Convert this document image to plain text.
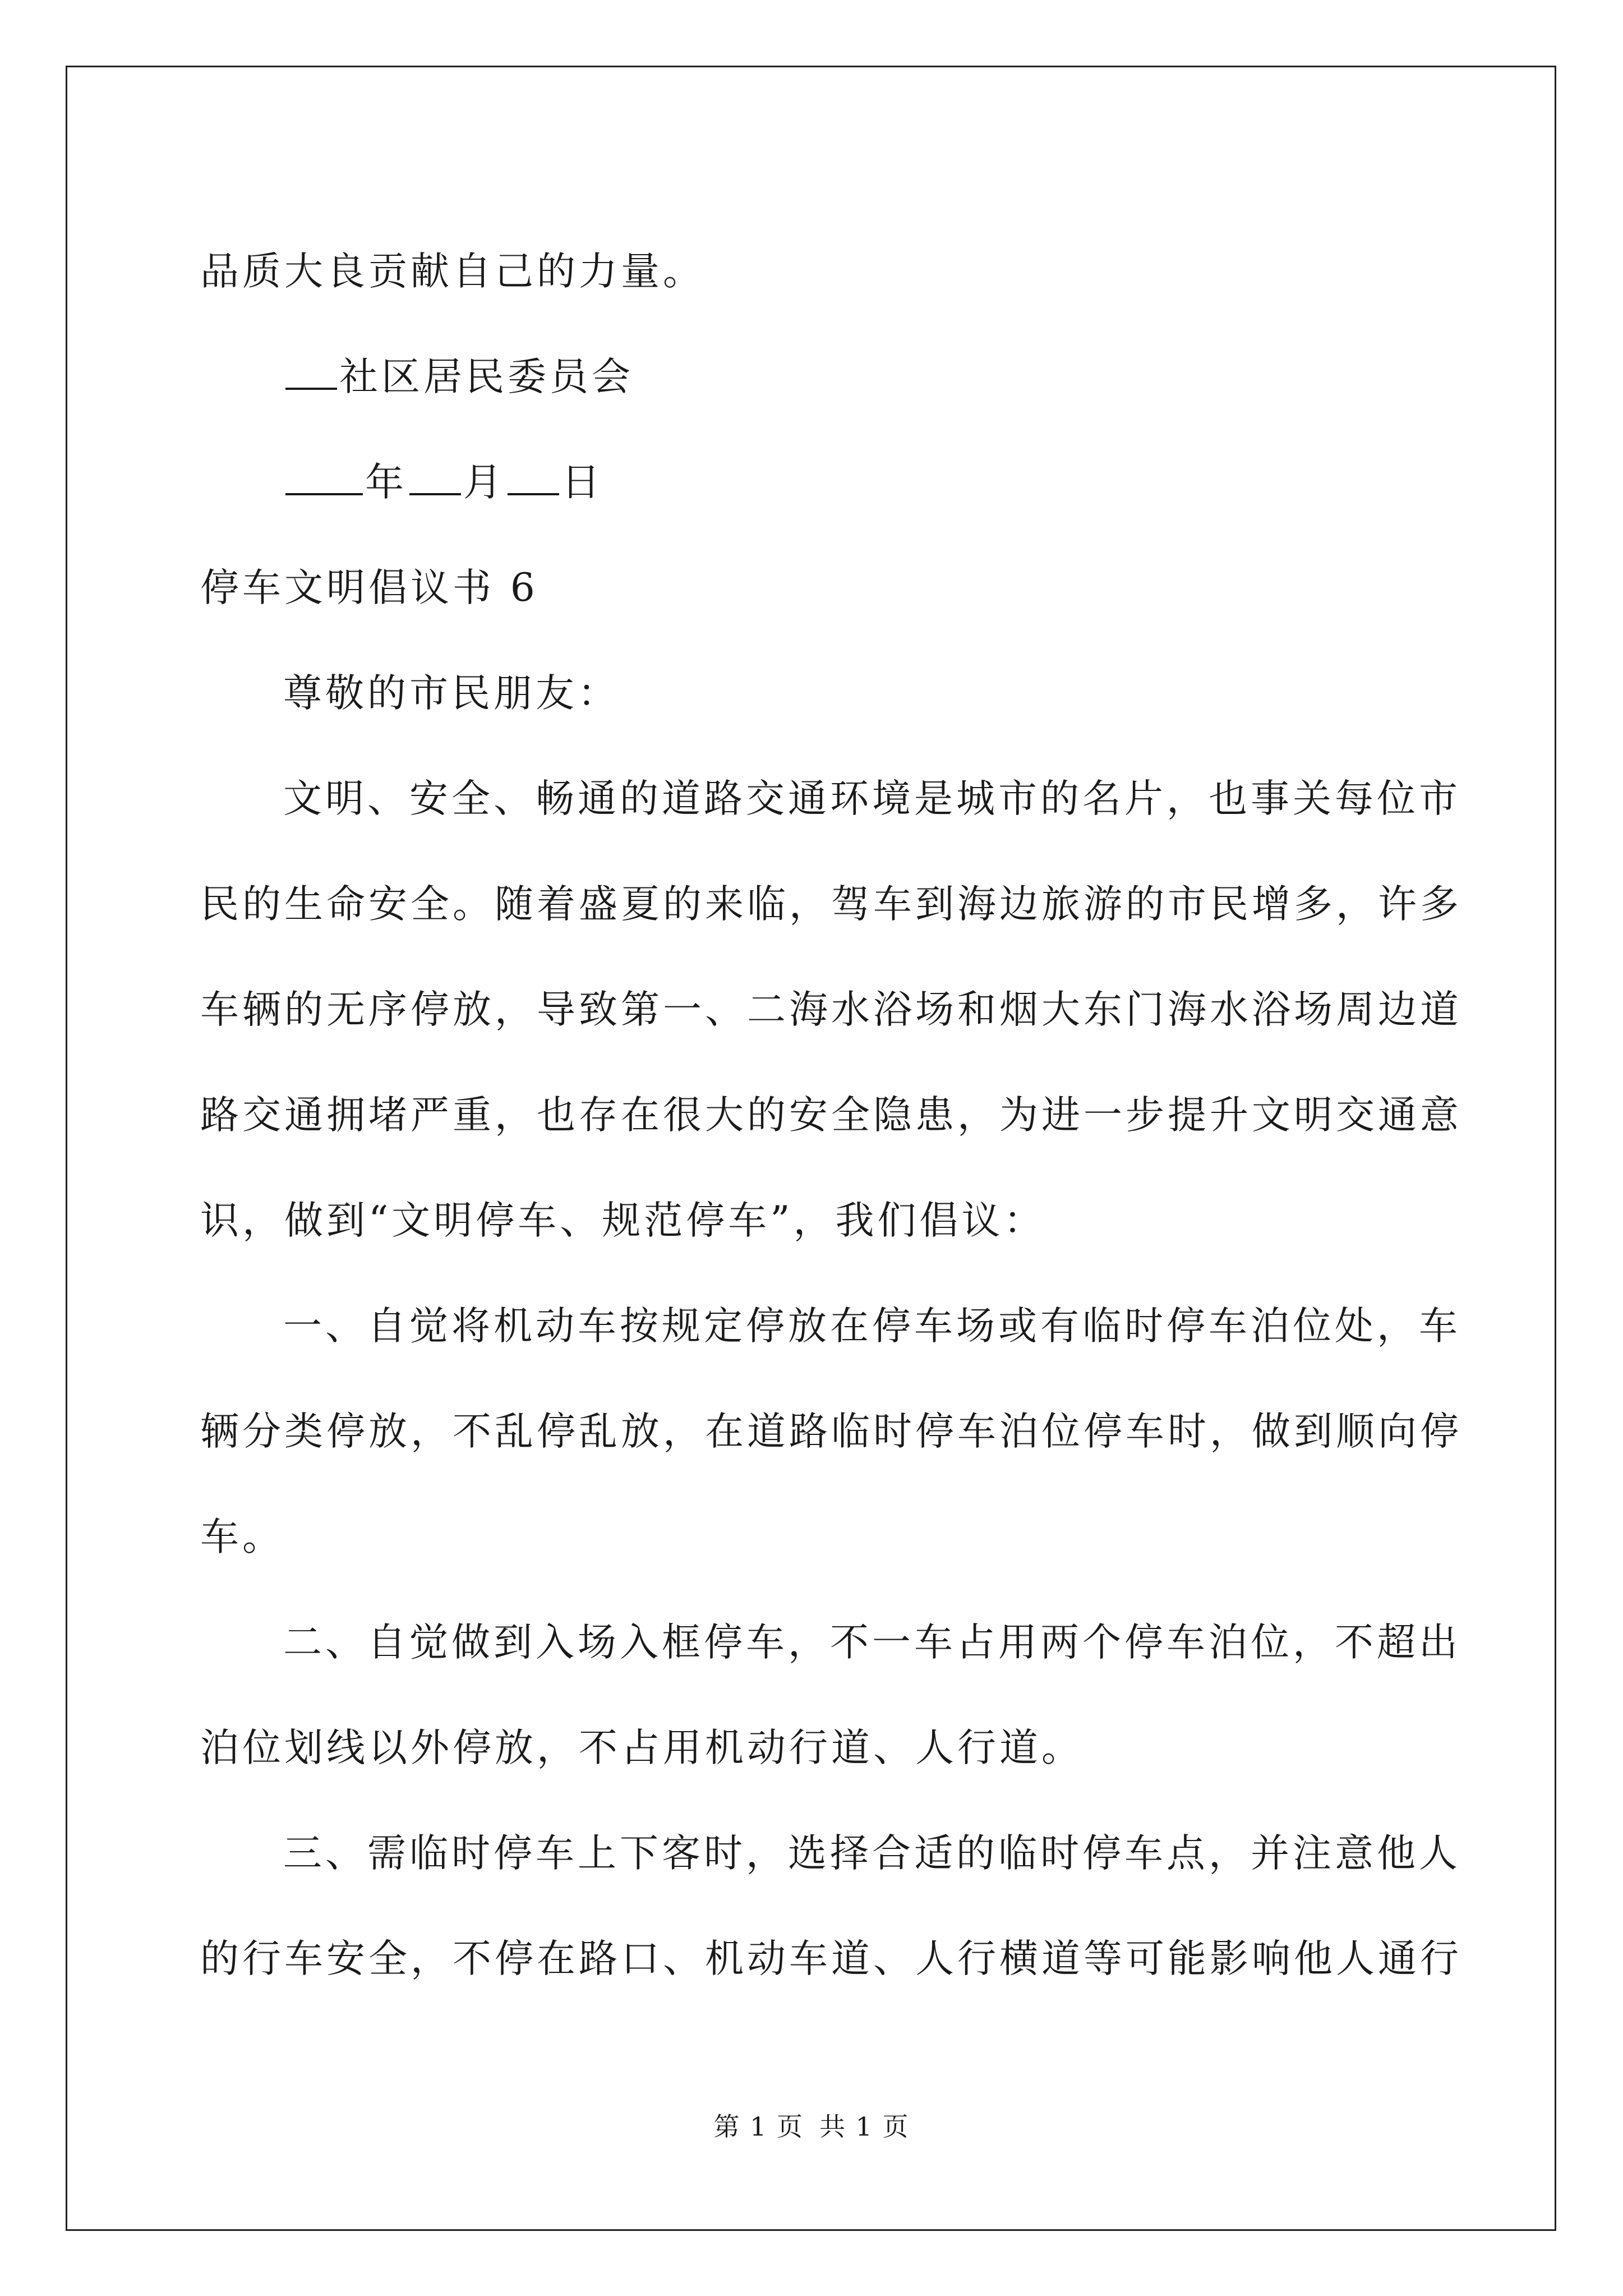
品质大良贡献自己的力量。
社区居民委员会
年 月 日
停车文明倡议书 6
尊敬的市民朋友：
文明、安全、畅通的道路交通环境是城市的名片，也事关每位市
民的生命安全。随着盛夏的来临，驾车到海边旅游的市民增多，许多
车辆的无序停放，导致第一、二海水浴场和烟大东门海水浴场周边道
路交通拥堵严重，也存在很大的安全隐患，为进一步提升文明交通意
识，做到“文明停车、规范停车”，我们倡议：
一、自觉将机动车按规定停放在停车场或有临时停车泊位处，车
辆分类停放，不乱停乱放，在道路临时停车泊位停车时，做到顺向停
车。
二、自觉做到入场入框停车，不一车占用两个停车泊位，不超出
泊位划线以外停放，不占用机动行道、人行道。
三、需临时停车上下客时，选择合适的临时停车点，并注意他人
的行车安全，不停在路口、机动车道、人行横道等可能影响他人通行
第 1 页 共 1 页
